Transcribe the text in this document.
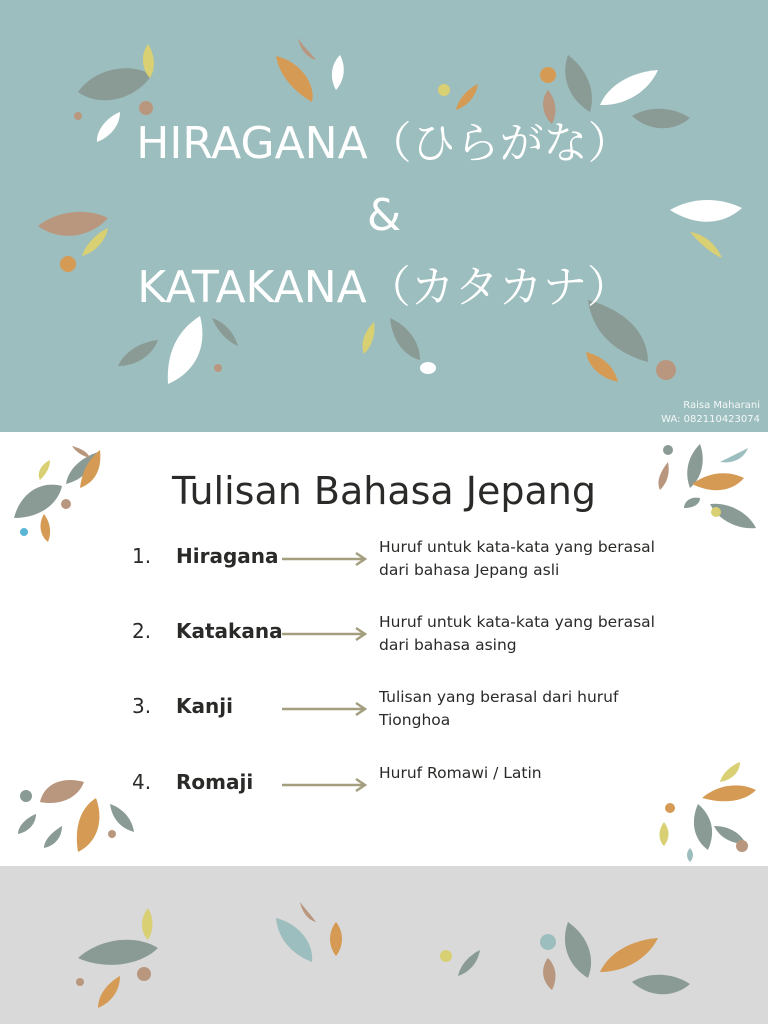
HIRAGANA（ひらがな）
&
KATAKANA（カタカナ）
Raisa Maharani
WA: 082110423074
Tulisan Bahasa Jepang
1. Hiragana	Huruf untuk kata-kata yang berasal
dari bahasa Jepang asli
2. Katakana	Huruf untuk kata-kata yang berasal
dari bahasa asing
3. Kanji	Tulisan yang berasal dari huruf
Tionghoa
4. Romaji	Huruf Romawi / Latin
